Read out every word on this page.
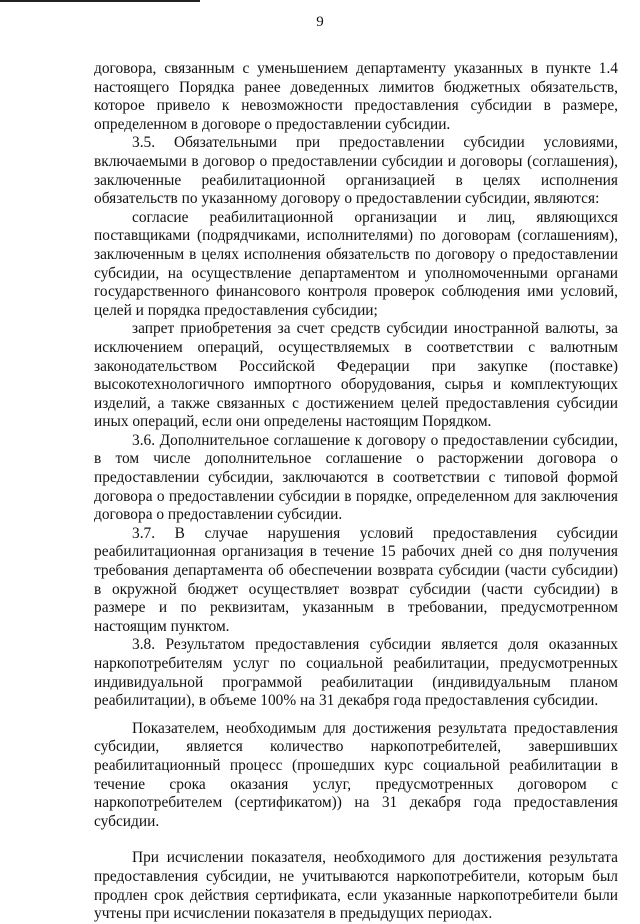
9

договора, связанным с уменьшением департаменту указанных в пункте 1.4 настоящего Порядка ранее доведенных лимитов бюджетных обязательств, которое привело к невозможности предоставления субсидии в размере, определенном в договоре о предоставлении субсидии.

3.5. Обязательными при предоставлении субсидии условиями, включаемыми в договор о предоставлении субсидии и договоры (соглашения), заключенные реабилитационной организацией в целях исполнения обязательств по указанному договору о предоставлении субсидии, являются:

согласие реабилитационной организации и лиц, являющихся поставщиками (подрядчиками, исполнителями) по договорам (соглашениям), заключенным в целях исполнения обязательств по договору о предоставлении субсидии, на осуществление департаментом и уполномоченными органами государственного финансового контроля проверок соблюдения ими условий, целей и порядка предоставления субсидии;

запрет приобретения за счет средств субсидии иностранной валюты, за исключением операций, осуществляемых в соответствии с валютным законодательством Российской Федерации при закупке (поставке) высокотехнологичного импортного оборудования, сырья и комплектующих изделий, а также связанных с достижением целей предоставления субсидии иных операций, если они определены настоящим Порядком.

3.6. Дополнительное соглашение к договору о предоставлении субсидии, в том числе дополнительное соглашение о расторжении договора о предоставлении субсидии, заключаются в соответствии с типовой формой договора о предоставлении субсидии в порядке, определенном для заключения договора о предоставлении субсидии.

3.7. В случае нарушения условий предоставления субсидии реабилитационная организация в течение 15 рабочих дней со дня получения требования департамента об обеспечении возврата субсидии (части субсидии) в окружной бюджет осуществляет возврат субсидии (части субсидии) в размере и по реквизитам, указанным в требовании, предусмотренном настоящим пунктом.

3.8. Результатом предоставления субсидии является доля оказанных наркопотребителям услуг по социальной реабилитации, предусмотренных индивидуальной программой реабилитации (индивидуальным планом реабилитации), в объеме 100% на 31 декабря года предоставления субсидии.

Показателем, необходимым для достижения результата предоставления субсидии, является количество наркопотребителей, завершивших реабилитационный процесс (прошедших курс социальной реабилитации в течение срока оказания услуг, предусмотренных договором с наркопотребителем (сертификатом)) на 31 декабря года предоставления субсидии.

При исчислении показателя, необходимого для достижения результата предоставления субсидии, не учитываются наркопотребители, которым был продлен срок действия сертификата, если указанные наркопотребители были учтены при исчислении показателя в предыдущих периодах.
